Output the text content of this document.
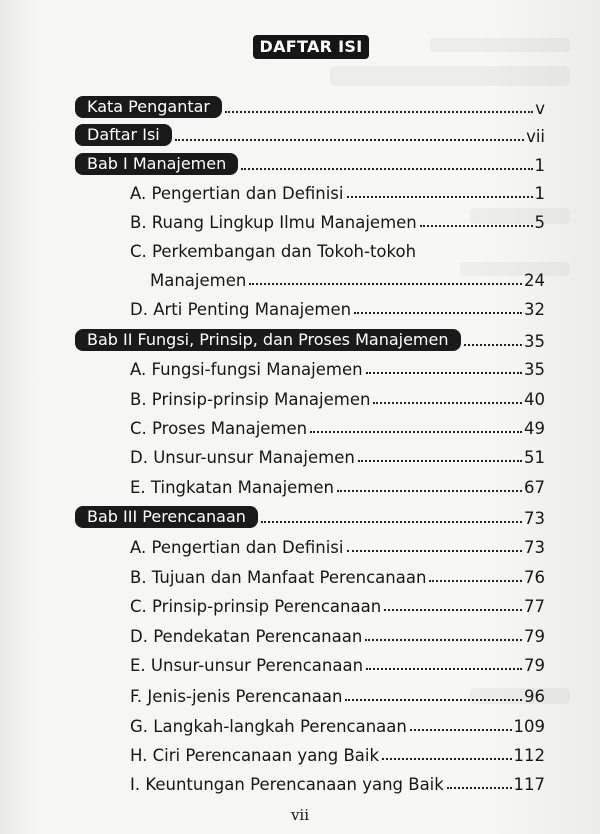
DAFTAR ISI
Kata Pengantar	v
Daftar Isi	vii
Bab I Manajemen	1
A. Pengertian dan Definisi	1
B. Ruang Lingkup Ilmu Manajemen	5
C. Perkembangan dan Tokoh-tokoh
Manajemen	24
D. Arti Penting Manajemen	32
Bab II Fungsi, Prinsip, dan Proses Manajemen	35
A. Fungsi-fungsi Manajemen	35
B. Prinsip-prinsip Manajemen	40
C. Proses Manajemen	49
D. Unsur-unsur Manajemen	51
E. Tingkatan Manajemen	67
Bab III Perencanaan	73
A. Pengertian dan Definisi	73
B. Tujuan dan Manfaat Perencanaan	76
C. Prinsip-prinsip Perencanaan	77
D. Pendekatan Perencanaan	79
E. Unsur-unsur Perencanaan	79
F. Jenis-jenis Perencanaan	96
G. Langkah-langkah Perencanaan	109
H. Ciri Perencanaan yang Baik	112
I. Keuntungan Perencanaan yang Baik	117
vii
